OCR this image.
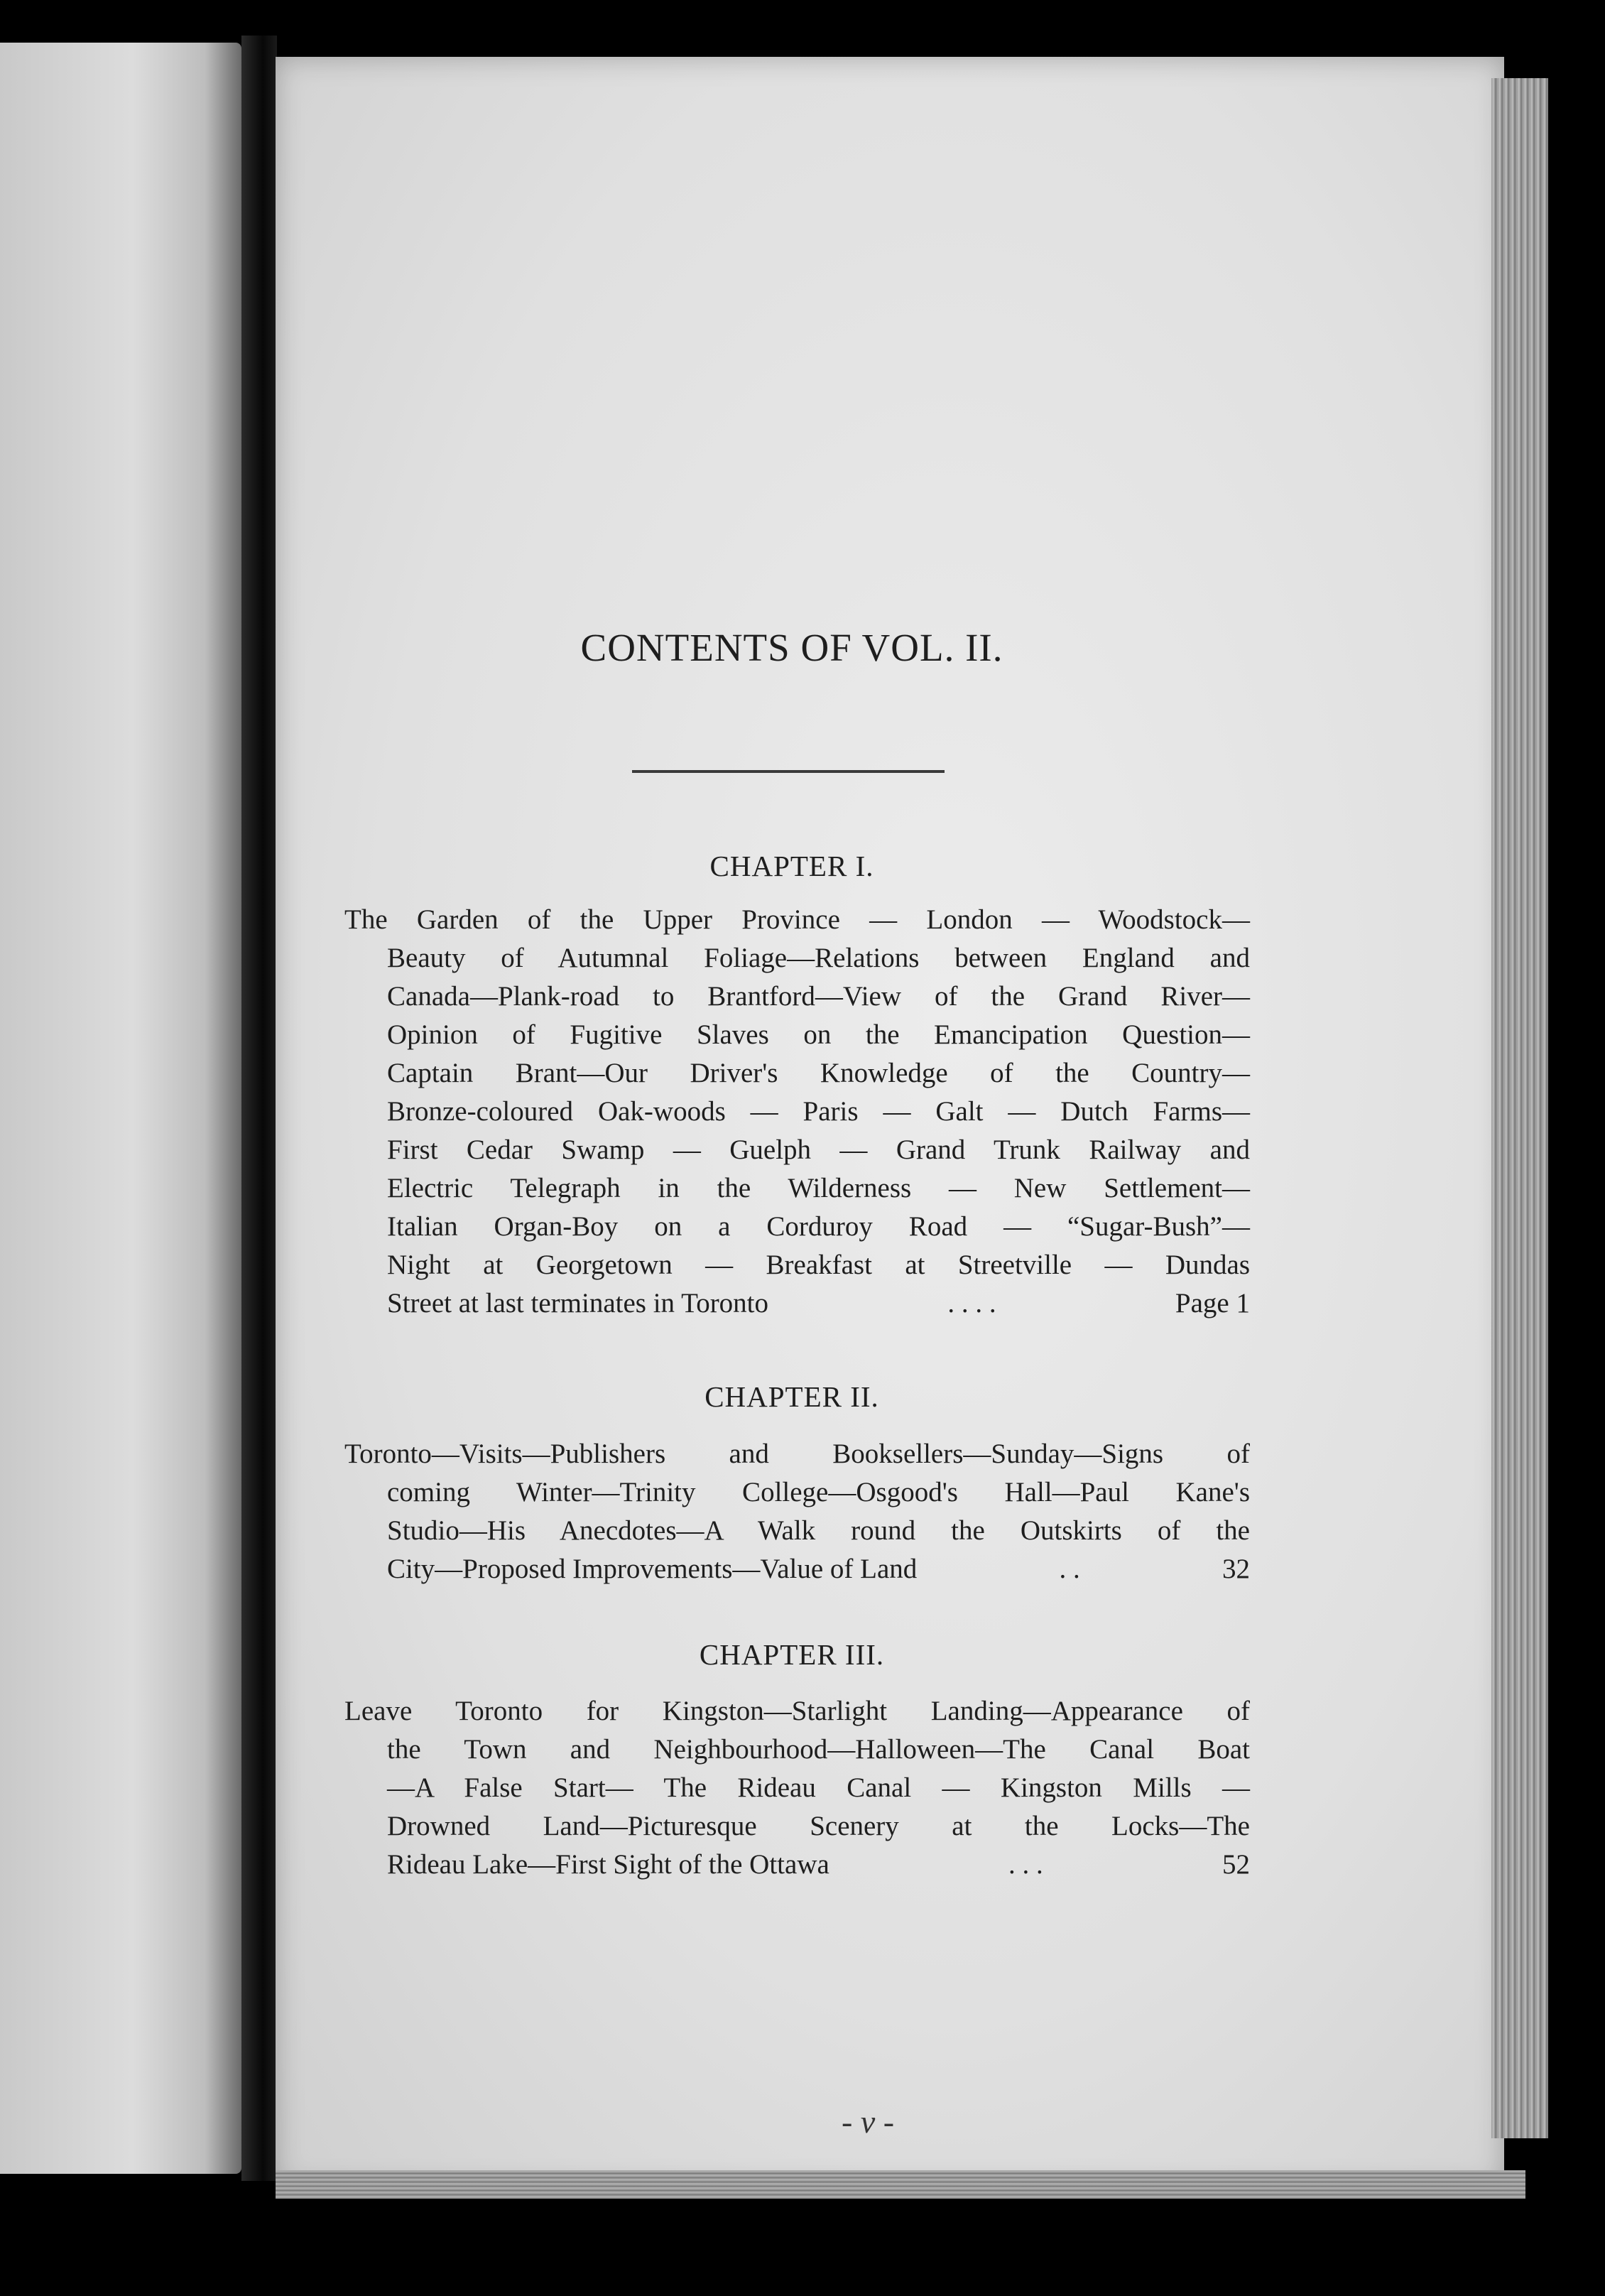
CONTENTS OF VOL. II.
CHAPTER I.
The Garden of the Upper Province — London — Woodstock—
Beauty of Autumnal Foliage—Relations between England and
Canada—Plank-road to Brantford—View of the Grand River—
Opinion of Fugitive Slaves on the Emancipation Question—
Captain Brant—Our Driver's Knowledge of the Country—
Bronze-coloured Oak-woods — Paris — Galt — Dutch Farms—
First Cedar Swamp — Guelph — Grand Trunk Railway and
Electric Telegraph in the Wilderness — New Settlement—
Italian Organ-Boy on a Corduroy Road — “Sugar-Bush”—
Night at Georgetown — Breakfast at Streetville — Dundas
Street at last terminates in Toronto	. . . .	Page 1
CHAPTER II.
Toronto—Visits—Publishers and Booksellers—Sunday—Signs of
coming Winter—Trinity College—Osgood's Hall—Paul Kane's
Studio—His Anecdotes—A Walk round the Outskirts of the
City—Proposed Improvements—Value of Land	. .	32
CHAPTER III.
Leave Toronto for Kingston—Starlight Landing—Appearance of
the Town and Neighbourhood—Halloween—The Canal Boat
—A False Start— The Rideau Canal — Kingston Mills —
Drowned Land—Picturesque Scenery at the Locks—The
Rideau Lake—First Sight of the Ottawa	. . .	52
- v -
